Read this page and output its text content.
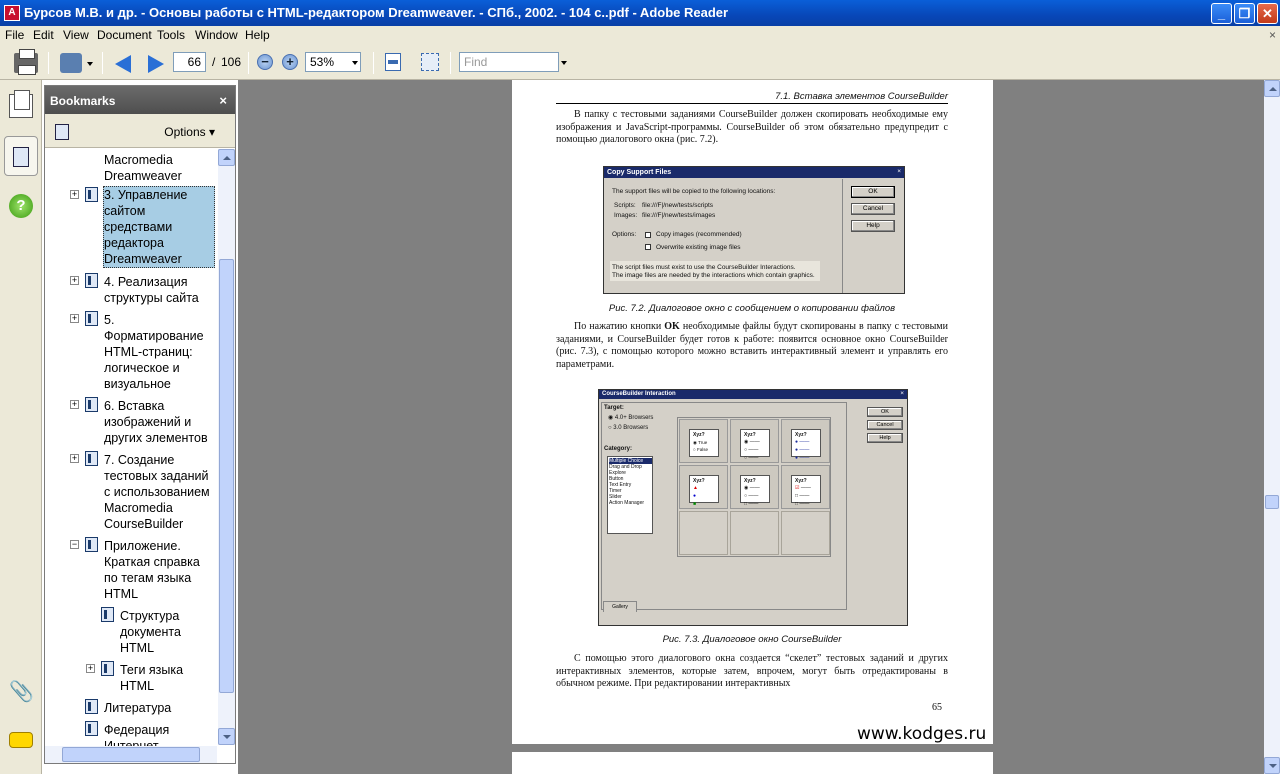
A Бурсов М.В. и др. - Основы работы с HTML-редактором Dreamweaver. - СПб., 2002. - 104 с..pdf - Adobe Reader	_	❐ ✕
File Edit View Document Tools Window Help	×
66 / 106	−	+	53%	Find
?
📎
Bookmarks	×
Options ▾
Macromedia
Dreamweaver
+ 3. Управление
сайтом
средствами
редактора
Dreamweaver
+ 4. Реализация
структуры сайта
+ 5.
Форматирование
HTML-страниц:
логическое и
визуальное
+ 6. Вставка
изображений и
других элементов
+ 7. Создание
тестовых заданий
с использованием
Macromedia
CourseBuilder
− Приложение.
Краткая справка
по тегам языка
HTML
Структура
документа
HTML
+ Теги языка
HTML
Литература
Федерация
7.1. Вставка элементов CourseBuilder
В папку с тестовыми заданиями CourseBuilder должен скопировать необходимые ему изображения и JavaScript-программы. CourseBuilder об этом обязательно предупредит с помощью диалогового окна (рис. 7.2).
Copy Support Files	×
The support files will be copied to the following locations:
Scripts: file:///F|/new/tests/scripts
Images: file:///F|/new/tests/images
Options:	Copy images (recommended)
Overwrite existing image files
The script files must exist to use the CourseBuilder Interactions.
The image files are needed by the interactions which contain graphics.
OK
Cancel
Help
Рис. 7.2. Диалоговое окно с сообщением о копировании файлов
По нажатию кнопки OK необходимые файлы будут скопированы в папку с тестовыми заданиями, и CourseBuilder будет готов к работе: появится основное окно CourseBuilder (рис. 7.3), с помощью которого можно вставить интерактивный элемент и управлять его параметрами.
CourseBuilder Interaction	×
Target:
◉ 4.0+ Browsers
○ 3.0 Browsers
Category:
Multiple Choice
Drag and Drop
Explore
Button
Text Entry
Timer
Slider
Action Manager
Xyz?
◉ True
○ False
Xyz?
◉ ——
○ ——
○ ——
Xyz?
● ——
● ——
● ——
Xyz?
▲
●
■
Xyz?
◉ ——
○ ——
□ ——
Xyz?
☑ ——
□ ——
□ ——
OK
Cancel
Help
Gallery
Рис. 7.3. Диалоговое окно CourseBuilder
С помощью этого диалогового окна создается “скелет” тестовых заданий и других интерактивных элементов, которые затем, впрочем, могут быть отредактированы в обычном режиме. При редактировании интерактивных
65
www.kodges.ru
